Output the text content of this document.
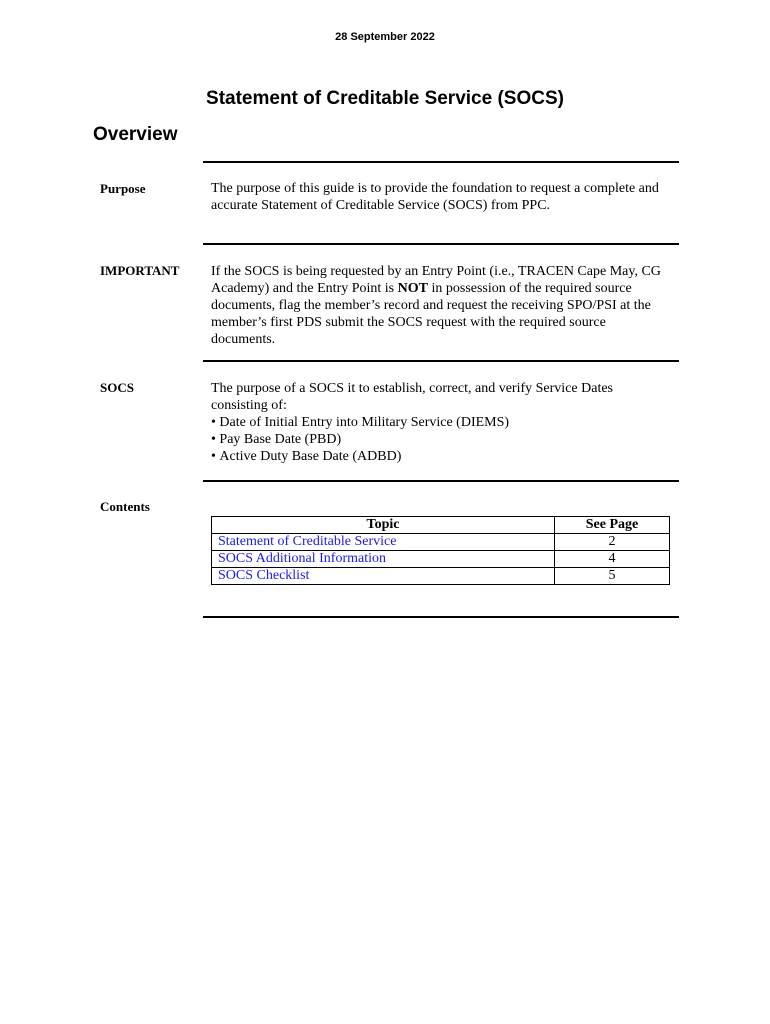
28 September 2022
Statement of Creditable Service (SOCS)
Overview
Purpose	The purpose of this guide is to provide the foundation to request a complete and accurate Statement of Creditable Service (SOCS) from PPC.

IMPORTANT If the SOCS is being requested by an Entry Point (i.e., TRACEN Cape May, CG Academy) and the Entry Point is NOT in possession of the required source documents, flag the member’s record and request the receiving SPO/PSI at the member’s first PDS submit the SOCS request with the required source documents.

SOCS	The purpose of a SOCS it to establish, correct, and verify Service Dates consisting of:

• Date of Initial Entry into Military Service (DIEMS)
• Pay Base Date (PBD)
• Active Duty Base Date (ADBD)
Contents
Topic	See Page
Statement of Creditable Service	2
SOCS Additional Information	4
SOCS Checklist	5
